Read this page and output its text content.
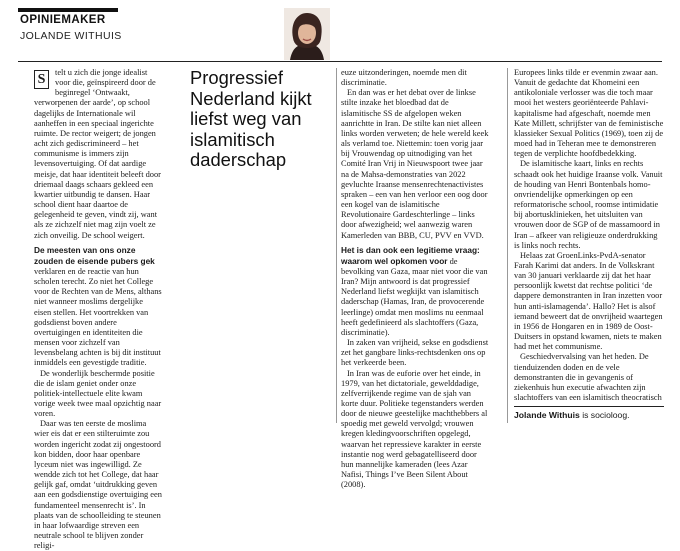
OPINIEMAKER
JOLANDE WITHUIS

S	telt u zich die jonge idealist voor die, geïnspireerd door de beginregel ‘Ontwaakt, verworpenen der aarde’, op school dagelijks de Internationale wil aanheffen in een speciaal ingerichte ruimte. De rector weigert; de jongen acht zich gediscrimineerd – het communisme is immers zijn levensovertuiging. Of dat aardige meisje, dat haar identiteit beleeft door driemaal daags schaars gekleed een kwartier uitbundig te dansen. Haar school dient haar daartoe de gelegenheid te geven, vindt zij, want als ze zichzelf niet mag zijn voelt ze zich onveilig. De school weigert.

De meesten van ons onze zouden de eisende pubers gek verklaren en de reactie van hun scholen terecht. Zo niet het College voor de Rechten van de Mens, althans niet wanneer moslims dergelijke eisen stellen. Het voortrekken van godsdienst boven andere overtuigingen en identiteiten die mensen voor zichzelf van levensbelang achten is bij dit instituut inmiddels een gevestigde traditie.

De wonderlijk beschermde positie die de islam geniet onder onze politiek-intellectuele elite kwam vorige week twee maal opzichtig naar voren.

Daar was ten eerste de moslima wier eis dat er een stilteruimte zou worden ingericht zodat zij ongestoord kon bidden, door haar openbare lyceum niet was ingewilligd. Ze wendde zich tot het College, dat haar gelijk gaf, omdat ‘uitdrukking geven aan een godsdienstige overtuiging een fundamenteel mensenrecht is’. In plaats van de schoolleiding te steunen in haar lofwaardige streven een neutrale school te blijven zonder religi-

Progressief Nederland kijkt liefst weg van islamitisch daderschap

euze uitzonderingen, noemde men dit discriminatie.

En dan was er het debat over de linkse stilte inzake het bloedbad dat de islamitische SS de afgelopen weken aanrichtte in Iran. De stilte kan niet alleen links worden verweten; de hele wereld keek als verlamd toe. Niettemin: toen vorig jaar bij Vrouwendag op uitnodiging van het Comité Iran Vrij in Nieuwspoort twee jaar na de Mahsa-demonstraties van 2022 gevluchte Iraanse mensenrechtenactivistes spraken – een van hen verloor een oog door een kogel van de islamitische Revolutionaire Gardeschterlinge – links door afwezigheid; wel aanwezig waren Kamerleden van BBB, CU, PVV en VVD.

Het is dan ook een legitieme vraag: waarom wel opkomen voor de bevolking van Gaza, maar niet voor die van Iran? Mijn antwoord is dat progressief Nederland liefst wegkijkt van islamitisch daderschap (Hamas, Iran, de provocerende leerlinge) omdat men moslims nu eenmaal heeft gedefinieerd als slachtoffers (Gaza, discriminatie).

In zaken van vrijheid, sekse en godsdienst zet het gangbare links-rechtsdenken ons op het verkeerde been.

In Iran was de euforie over het einde, in 1979, van het dictatoriale, gewelddadige, zelfverrijkende regime van de sjah van korte duur. Politieke tegenstanders werden door de nieuwe geestelijke machthebbers al spoedig met geweld vervolgd; vrouwen kregen kledingvoorschriften opgelegd, waarvan het repressieve karakter in eerste instantie nog werd gebagatelliseerd door hun mannelijke kameraden (lees Azar Nafisi, Things I’ve Been Silent About (2008).

Europees links tilde er evenmin zwaar aan. Vanuit de gedachte dat Khomeini een antikoloniale verlosser was die toch maar mooi het westers georiënteerde Pahlavi-kapitalisme had afgeschaft, noemde men Kate Millett, schrijfster van de feministische klassieker Sexual Politics (1969), toen zij de moed had in Teheran mee te demonstreren tegen de verplichte hoofdbedekking.

De islamitische kaart, links en rechts schaadt ook het huidige Iraanse volk. Vanuit de houding van Henri Bontenbals homo-onvriendelijke opmerkingen op een reformatorische school, roomse intimidatie bij abortusklinieken, het uitsluiten van vrouwen door de SGP of de massamoord in Iran – afkeer van religieuze onderdrukking is links noch rechts.

Helaas zat GroenLinks-PvdA-senator Farah Karimi dat anders. In de Volkskrant van 30 januari verklaarde zij dat het haar persoonlijk kwetst dat rechtse politici ‘de dappere demonstranten in Iran inzetten voor hun anti-islamagenda’. Hallo? Het is alsof iemand beweert dat de onvrijheid waartegen in 1956 de Hongaren en in 1989 de Oost-Duitsers in opstand kwamen, niets te maken had met het communisme.

Geschiedvervalsing van het heden. De tienduizenden doden en de vele demonstranten die in gevangenis of ziekenhuis hun executie afwachten zijn slachtoffers van een islamitisch theocratisch

Jolande Withuis is socioloog.
